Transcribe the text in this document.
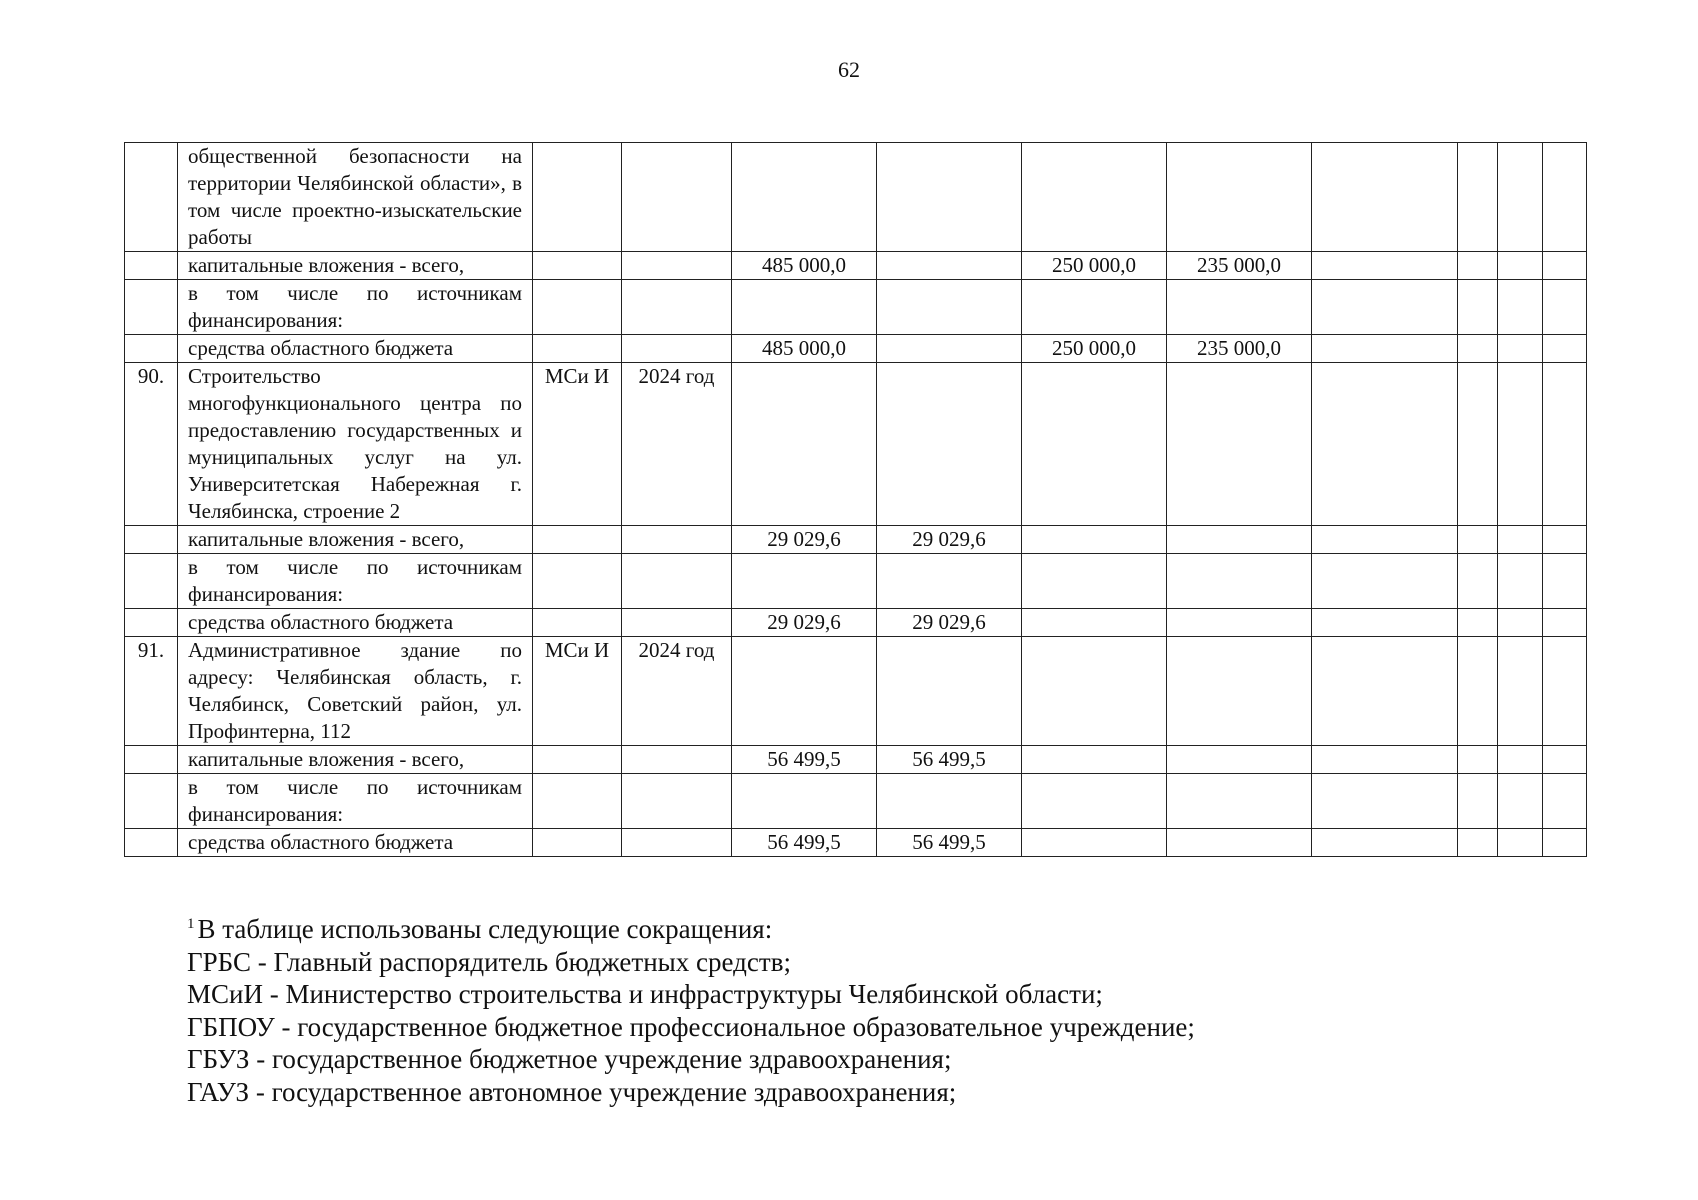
62
	общественной безопасности на территории Челябинской области», в том числе проектно-изыскательские работы										
	капитальные вложения - всего,			485 000,0		250 000,0	235 000,0				
	в том числе по источникам финансирования:										
	средства областного бюджета			485 000,0		250 000,0	235 000,0				
90.	Строительство многофункционального центра по предоставлению государственных и муниципальных услуг на ул. Университетская Набережная г. Челябинска, строение 2	МСи И	2024 год								
	капитальные вложения - всего,			29 029,6	29 029,6						
	в том числе по источникам финансирования:										
	средства областного бюджета			29 029,6	29 029,6						
91.	Административное здание по адресу: Челябинская область, г. Челябинск, Советский район, ул. Профинтерна, 112	МСи И	2024 год								
	капитальные вложения - всего,			56 499,5	56 499,5						
	в том числе по источникам финансирования:										
	средства областного бюджета			56 499,5	56 499,5						
$^1$ В таблице использованы следующие сокращения:
ГРБС - Главный распорядитель бюджетных средств;
МСиИ - Министерство строительства и инфраструктуры Челябинской области;
ГБПОУ - государственное бюджетное профессиональное образовательное учреждение;
ГБУЗ - государственное бюджетное учреждение здравоохранения;
ГАУЗ - государственное автономное учреждение здравоохранения;
